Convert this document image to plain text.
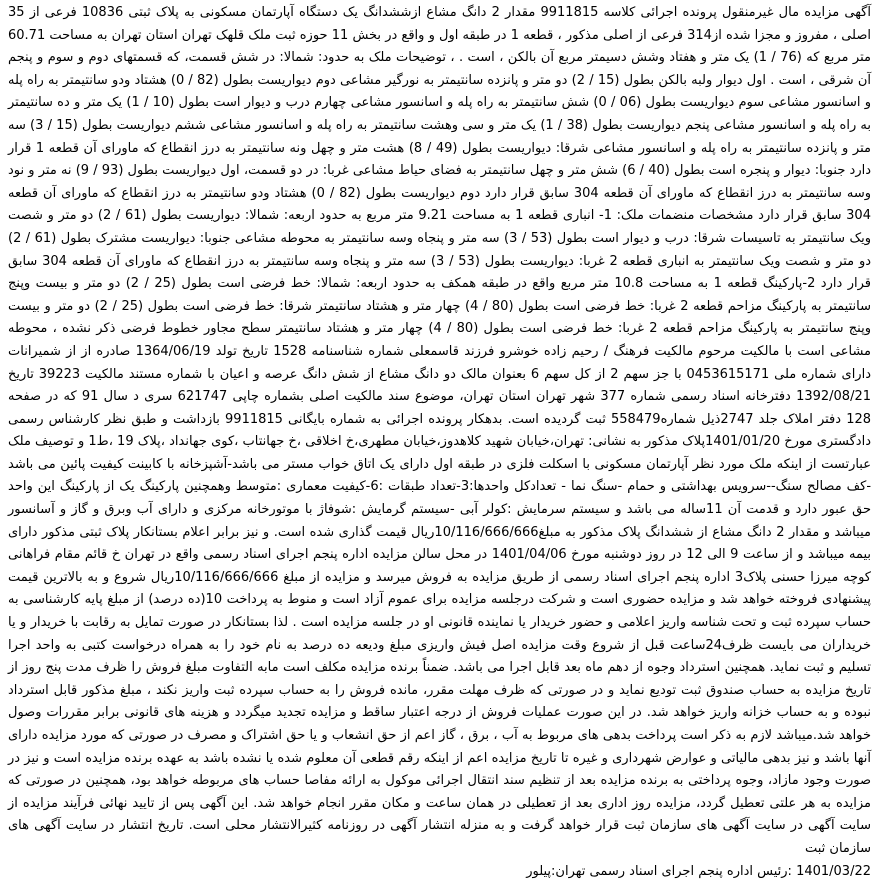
آگهی مزایده مال غیرمنقول پرونده اجرائی کلاسه 9911815 مقدار 2 دانگ مشاع ازششدانگ یک دستگاه آپارتمان مسکونی به پلاک ثبتی 10836 فرعی از 35 اصلی ، مفروز و مجزا شده از314 فرعی از اصلی مذکور ، قطعه 1 در طبقه اول و واقع در بخش 11 حوزه ثبت ملک قلهک تهران استان تهران به مساحت 60.71 متر مربع که (76 / 1) یک متر و هفتاد وشش دسیمتر مربع آن بالکن ، است . ، توضیحات ملک به حدود: شمالا: در شش قسمت، که قسمتهای دوم و سوم و پنجم آن شرقی ، است . اول دیوار ولبه بالکن بطول (15 / 2) دو متر و پانزده سانتیمتر به نورگیر مشاعی دوم دیواریست بطول (82 / 0) هشتاد ودو سانتیمتر به راه پله و اسانسور مشاعی سوم دیواریست بطول (06 / 0) شش سانتیمتر به راه پله و اسانسور مشاعی چهارم درب و دیوار است بطول (10 / 1) یک متر و ده سانتیمتر به راه پله و اسانسور مشاعی پنجم دیواریست بطول (38 / 1) یک متر و سی وهشت سانتیمتر به راه پله و اسانسور مشاعی ششم دیواریست بطول (15 / 3) سه متر و پانزده سانتیمتر به راه پله و اسانسور مشاعی شرقا: دیواریست بطول (49 / 8) هشت متر و چهل ونه سانتیمتر به درز انقطاع که ماورای آن قطعه 1 قرار دارد جنوبا: دیوار و پنجره است بطول (40 / 6) شش متر و چهل سانتیمتر به فضای حیاط مشاعی غربا: در دو قسمت، اول دیواریست بطول (93 / 9) نه متر و نود وسه سانتیمتر به درز انقطاع که ماورای آن قطعه 304 سابق قرار دارد دوم دیواریست بطول (82 / 0) هشتاد ودو سانتیمتر به درز انقطاع که ماورای آن قطعه 304 سابق قرار دارد مشخصات منضمات ملک: 1- انباری قطعه 1 به مساحت 9.21 متر مربع به حدود اربعه: شمالا: دیواریست بطول (61 / 2) دو متر و شصت ویک سانتیمتر به تاسیسات شرقا: درب و دیوار است بطول (53 / 3) سه متر و پنجاه وسه سانتیمتر به محوطه مشاعی جنوبا: دیواریست مشترک بطول (61 / 2) دو متر و شصت ویک سانتیمتر به انباری قطعه 2 غربا: دیواریست بطول (53 / 3) سه متر و پنجاه وسه سانتیمتر به درز انقطاع که ماورای آن قطعه 304 سابق قرار دارد 2-پارکینگ قطعه 1 به مساحت 10.8 متر مربع واقع در طبقه همکف به حدود اربعه: شمالا: خط فرضی است بطول (25 / 2) دو متر و بیست وپنج سانتیمتر به پارکینگ مزاحم قطعه 2 غربا: خط فرضی است بطول (80 / 4) چهار متر و هشتاد سانتیمتر شرقا: خط فرضی است بطول (25 / 2) دو متر و بیست وپنج سانتیمتر به پارکینگ مزاحم قطعه 2 غربا: خط فرضی است بطول (80 / 4) چهار متر و هشتاد سانتیمتر سطح مجاور خطوط فرضی ذکر نشده ، محوطه مشاعی است با مالکیت مرحوم مالکیت فرهنگ / رحیم زاده خوشرو فرزند قاسمعلی شماره شناسنامه 1528 تاریخ تولد 1364/06/19 صادره از از شمیرانات دارای شماره ملی 0453615171 با جز سهم 2 از کل سهم 6 بعنوان مالک دو دانگ مشاع از شش دانگ عرصه و اعیان با شماره مستند مالکیت 39223 تاریخ 1392/08/21 دفترخانه اسناد رسمی شماره 377 شهر تهران استان تهران، موضوع سند مالکیت اصلی بشماره چاپی 621747 سری د سال 91 که در صفحه 128 دفتر املاک جلد 2747ذیل شماره558479 ثبت گردیده است. بدهکار پرونده اجرائی به شماره بایگانی 9911815 بازداشت و طبق نظر کارشناس رسمی دادگستری مورخ 1401/01/20پلاک مذکور به نشانی: تهران،خیابان شهید کلاهدوز،خیابان مطهری،خ اخلاقی ،خ جهانتاب ،کوی جهانداد ،پلاک 19 ،ط1 و توصیف ملک عبارتست از اینکه ملک مورد نظر آپارتمان مسکونی با اسکلت فلزی در طبقه اول دارای یک اتاق خواب مستر می باشد-آشپزخانه با کابینت کیفیت پائین می باشد -کف مصالح سنگ--سرویس بهداشتی و حمام -سنگ نما - تعدادکل واحدها:3-تعداد طبقات :6-کیفیت معماری :متوسط وهمچنین پارکینگ یک از پارکینگ این واحد حق عبور دارد و قدمت آن 11ساله می باشد و سیستم سرمایش :کولر آبی -سیستم گرمایش :شوفاژ با موتورخانه مرکزی و دارای آب وبرق و گاز و آسانسور میباشد و مقدار 2 دانگ مشاع از ششدانگ پلاک مذکور به مبلغ10/116/666/666ریال قیمت گذاری شده است. و نیز برابر اعلام بستانکار پلاک ثبتی مذکور دارای بیمه میباشد و از ساعت 9 الی 12 در روز دوشنبه مورخ 1401/04/06 در محل سالن مزایده اداره پنجم اجرای اسناد رسمی واقع در تهران خ قائم مقام فراهانی کوچه میرزا حسنی پلاک3 اداره پنجم اجرای اسناد رسمی از طریق مزایده به فروش میرسد و مزایده از مبلغ 10/116/666/666ریال شروع و به بالاترین قیمت پیشنهادی فروخته خواهد شد و مزایده حضوری است و شرکت درجلسه مزایده برای عموم آزاد است و منوط به پرداخت 10(ده درصد) از مبلغ پایه کارشناسی به حساب سپرده ثبت و تحت شناسه واریز اعلامی و حضور خریدار یا نماینده قانونی او در جلسه مزایده است . لذا بستانکار در صورت تمایل به رقابت با خریدار و یا خریداران می بایست ظرف24ساعت قبل از شروع وقت مزایده اصل فیش واریزی مبلغ ودیعه ده درصد به نام خود را به همراه درخواست کتبی به واحد اجرا تسلیم و ثبت نماید. همچنین استرداد وجوه از دهم ماه بعد قابل اجرا می باشد. ضمناً برنده مزایده مکلف است مابه التفاوت مبلغ فروش را ظرف مدت پنج روز از تاریخ مزایده به حساب صندوق ثبت تودیع نماید و در صورتی که ظرف مهلت مقرر، مانده فروش را به حساب سپرده ثبت واریز نکند ، مبلغ مذکور قابل استرداد نبوده و به حساب خزانه واریز خواهد شد. در این صورت عملیات فروش از درجه اعتبار ساقط و مزایده تجدید میگردد و هزینه های قانونی برابر مقررات وصول خواهد شد.میباشد لازم به ذکر است پرداخت بدهی های مربوط به آب ، برق ، گاز اعم از حق انشعاب و یا حق اشتراک و مصرف در صورتی که مورد مزایده دارای آنها باشد و نیز بدهی مالیاتی و عوارض شهرداری و غیره تا تاریخ مزایده اعم از اینکه رقم قطعی آن معلوم شده یا نشده باشد به عهده برنده مزایده است و نیز در صورت وجود مازاد، وجوه پرداختی به برنده مزایده بعد از تنظیم سند انتقال اجرائی موکول به ارائه مفاصا حساب های مربوطه خواهد بود، همچنین در صورتی که مزایده به هر علتی تعطیل گردد، مزایده روز اداری بعد از تعطیلی در همان ساعت و مکان مقرر انجام خواهد شد. این آگهی پس از تایید نهائی فرآیند مزایده از سایت آگهی در سایت آگهی های سازمان ثبت قرار خواهد گرفت و به منزله انتشار آگهی در روزنامه کثیرالانتشار محلی است. تاریخ انتشار در سایت آگهی های سازمان ثبت

1401/03/22 :رئیس اداره پنجم اجرای اسناد رسمی تهران:پیلور
